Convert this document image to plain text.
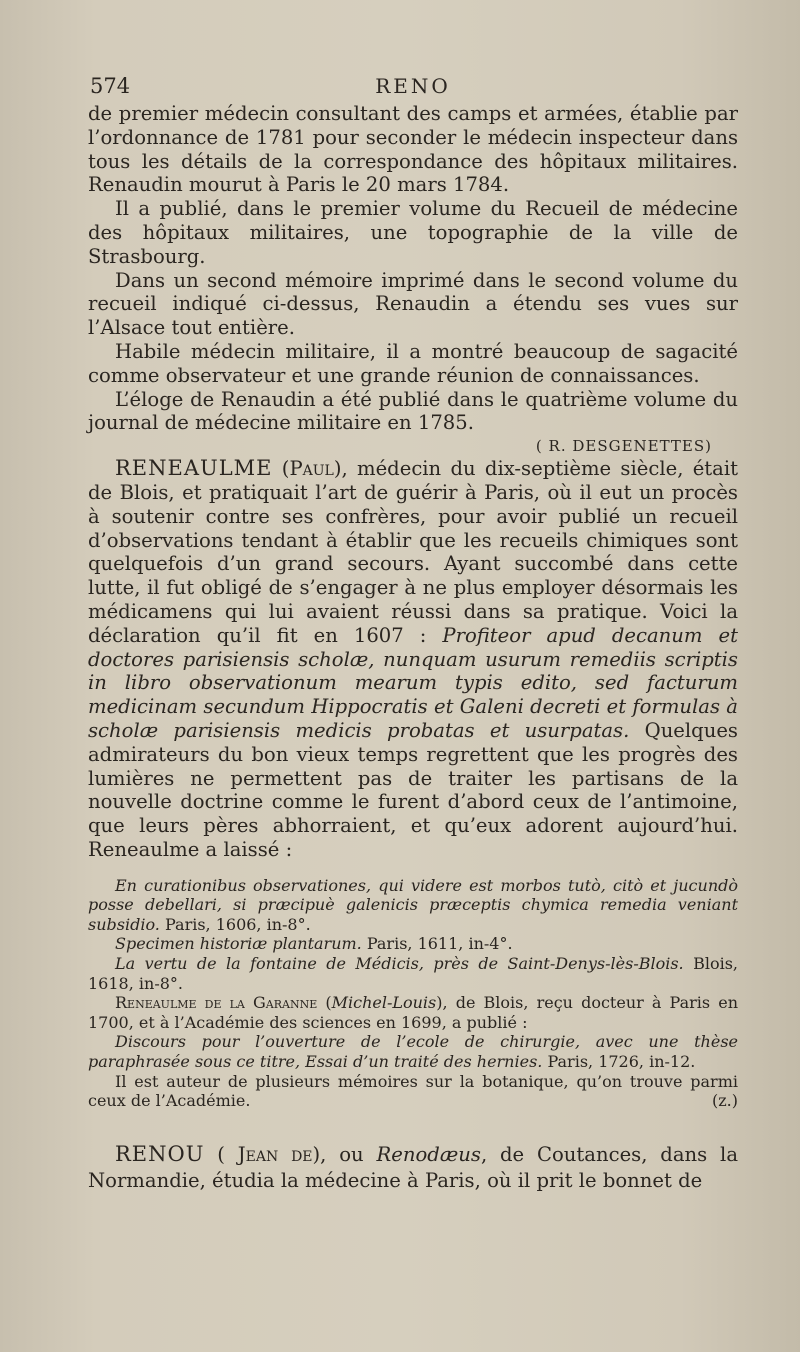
574	RENO

de premier médecin consultant des camps et armées, établie par l’ordonnance de 1781 pour seconder le médecin inspecteur dans tous les détails de la correspondance des hôpitaux militaires. Renaudin mourut à Paris le 20 mars 1784.

Il a publié, dans le premier volume du Recueil de médecine des hôpitaux militaires, une topographie de la ville de Strasbourg.

Dans un second mémoire imprimé dans le second volume du recueil indiqué ci-dessus, Renaudin a étendu ses vues sur l’Alsace tout entière.

Habile médecin militaire, il a montré beaucoup de sagacité comme observateur et une grande réunion de connaissances.

L’éloge de Renaudin a été publié dans le quatrième volume du journal de médecine militaire en 1785.

( R. DESGENETTES)

RENEAULME (Paul), médecin du dix-septième siècle, était de Blois, et pratiquait l’art de guérir à Paris, où il eut un procès à soutenir contre ses confrères, pour avoir publié un recueil d’observations tendant à établir que les recueils chimiques sont quelquefois d’un grand secours. Ayant succombé dans cette lutte, il fut obligé de s’engager à ne plus employer désormais les médicamens qui lui avaient réussi dans sa pratique. Voici la déclaration qu’il fit en 1607 : Profiteor apud decanum et doctores parisiensis scholæ, nunquam usurum remediis scriptis in libro observationum mearum typis edito, sed facturum medicinam secundum Hippocratis et Galeni decreti et formulas à scholæ parisiensis medicis probatas et usurpatas. Quelques admirateurs du bon vieux temps regrettent que les progrès des lumières ne permettent pas de traiter les partisans de la nouvelle doctrine comme le furent d’abord ceux de l’antimoine, que leurs pères abhorraient, et qu’eux adorent aujourd’hui. Reneaulme a laissé :

En curationibus observationes, qui videre est morbos tutò, citò et jucundò posse debellari, si præcipuè galenicis præceptis chymica remedia veniant subsidio. Paris, 1606, in-8°.

Specimen historiæ plantarum. Paris, 1611, in-4°.

La vertu de la fontaine de Médicis, près de Saint-Denys-lès-Blois. Blois, 1618, in-8°.

Reneaulme de la Garanne (Michel-Louis), de Blois, reçu docteur à Paris en 1700, et à l’Académie des sciences en 1699, a publié :

Discours pour l’ouverture de l’ecole de chirurgie, avec une thèse paraphrasée sous ce titre, Essai d’un traité des hernies. Paris, 1726, in-12.

Il est auteur de plusieurs mémoires sur la botanique, qu’on trouve parmi ceux de l’Académie.	(z.)

RENOU ( Jean de), ou Renodæus, de Coutances, dans la Normandie, étudia la médecine à Paris, où il prit le bonnet de
